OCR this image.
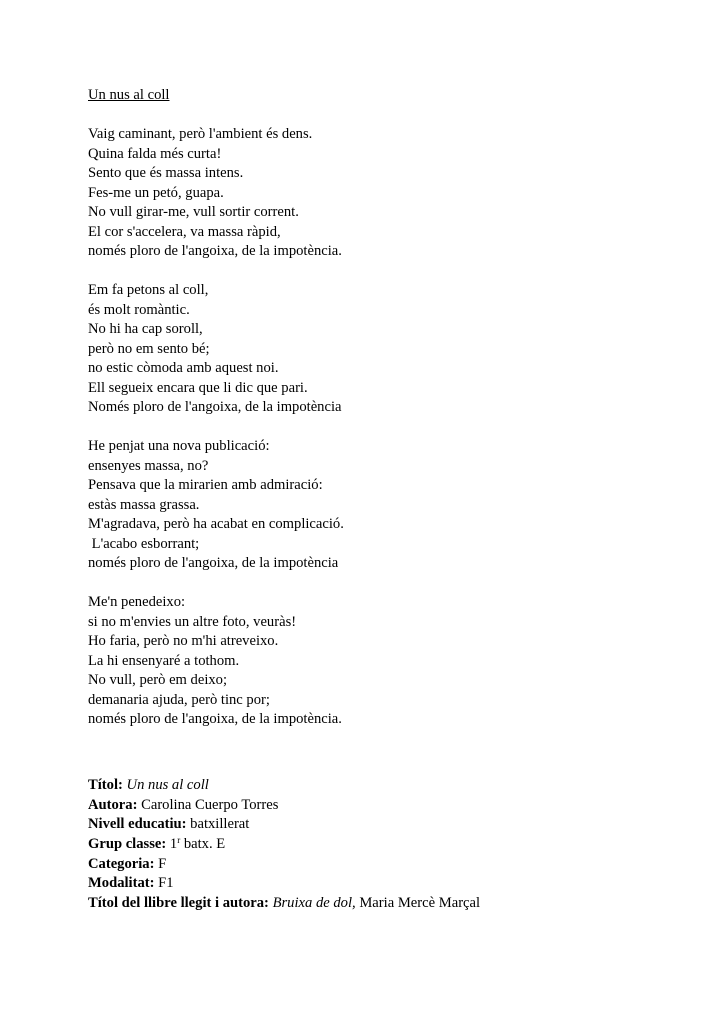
Un nus al coll
Vaig caminant, però l'ambient és dens.
Quina falda més curta!
Sento que és massa intens.
Fes-me un petó, guapa.
No vull girar-me, vull sortir corrent.
El cor s'accelera, va massa ràpid,
només ploro de l'angoixa, de la impotència.
Em fa petons al coll,
és molt romàntic.
No hi ha cap soroll,
però no em sento bé;
no estic còmoda amb aquest noi.
Ell segueix encara que li dic que pari.
Només ploro de l'angoixa, de la impotència
He penjat una nova publicació:
ensenyes massa, no?
Pensava que la mirarien amb admiració:
estàs massa grassa.
M'agradava, però ha acabat en complicació.
L'acabo esborrant;
només ploro de l'angoixa, de la impotència
Me'n penedeixo:
si no m'envies un altre foto, veuràs!
Ho faria, però no m'hi atreveixo.
La hi ensenyaré a tothom.
No vull, però em deixo;
demanaria ajuda, però tinc por;
només ploro de l'angoixa, de la impotència.
Títol: Un nus al coll
Autora: Carolina Cuerpo Torres
Nivell educatiu: batxillerat
Grup classe: 1$^r$ batx. E
Categoria: F
Modalitat: F1
Títol del llibre llegit i autora: Bruixa de dol, Maria Mercè Marçal
